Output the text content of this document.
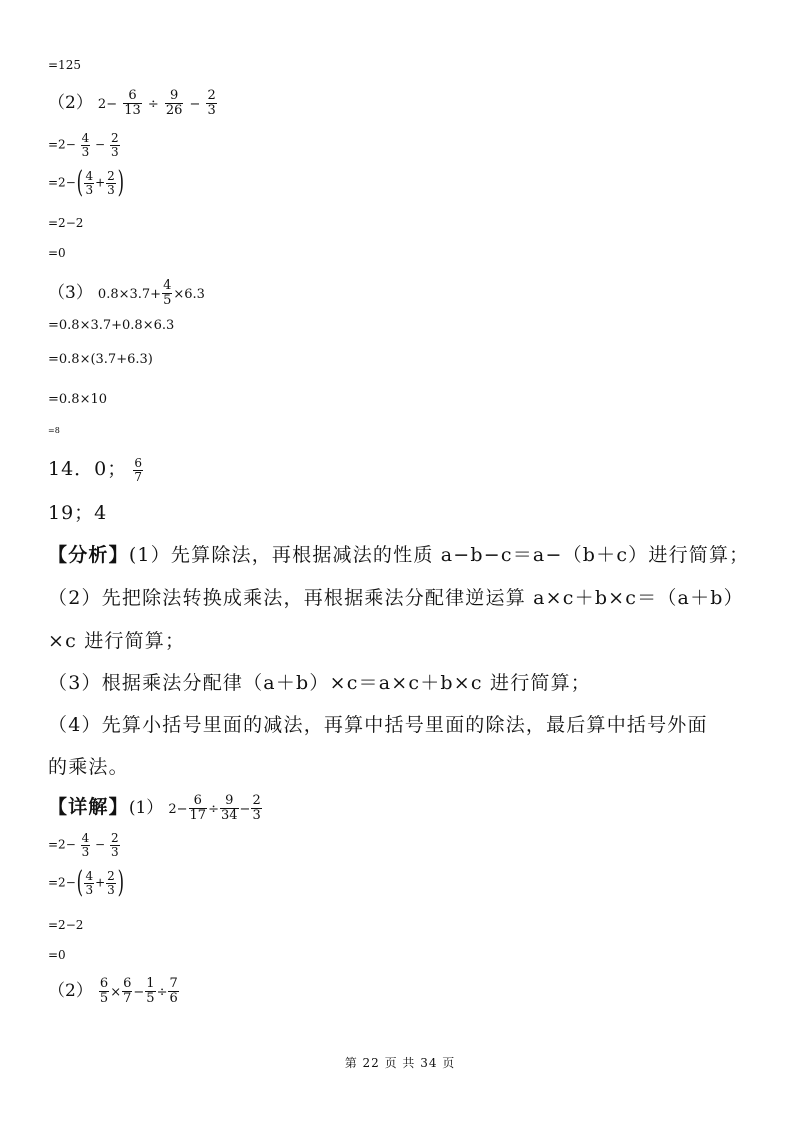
=125
（2） $2- \frac{6}{13} \div \frac{9}{26} - \frac{2}{3}$
$=2- \frac{4}{3} - \frac{2}{3}$
$=2-( \frac{4}{3} + \frac{2}{3}$ )
=2−2
=0
（3） $0.8\times 3.7+ \frac{4}{5} \times 6.3$
=0.8×3.7+0.8×6.3
=0.8×(3.7+6.3)
=0.8×10
=8
14．0； $\frac{6}{7}$
19；4
【分析】(1）先算除法，再根据减法的性质 a−b−c＝a−（b＋c）进行简算；
（2）先把除法转换成乘法，再根据乘法分配律逆运算 a×c＋b×c＝（a＋b）
×c 进行简算；
（3）根据乘法分配律（a＋b）×c＝a×c＋b×c 进行简算；
（4）先算小括号里面的减法，再算中括号里面的除法，最后算中括号外面
的乘法。
【详解】(1） $2- \frac{6}{17} \div \frac{9}{34} - \frac{2}{3}$
$=2- \frac{4}{3} - \frac{2}{3}$
$=2-( \frac{4}{3} + \frac{2}{3}$ )
=2−2
=0
$(2) \frac{6}{5} \times \frac{6}{7} - \frac{1}{5} \div \frac{7}{6}$
第 22 页 共 34 页
